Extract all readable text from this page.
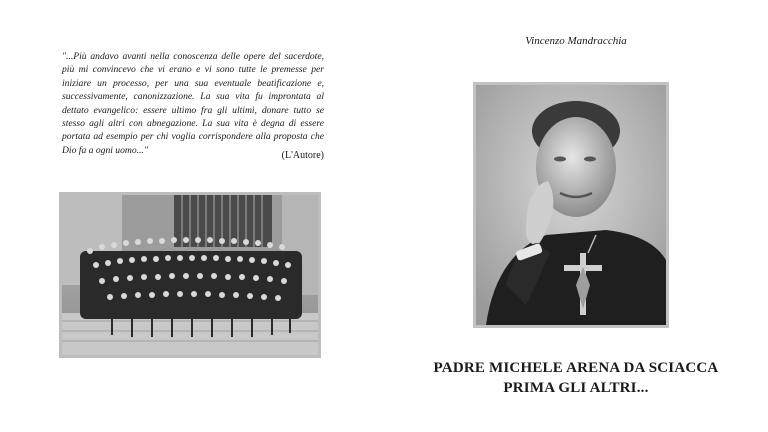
"...Più andavo avanti nella conoscenza delle opere del sacerdote, più mi convincevo che vi erano e vi sono tutte le premesse per iniziare un processo, per una sua eventuale beatificazione e, successivamente, canonizzazione. La sua vita fu improntata al dettato evangelico: essere ultimo fra gli ultimi, donare tutto se stesso agli altri con abnegazione. La sua vita è degna di essere portata ad esempio per chi voglia corrispondere alla proposta che Dio fa a ogni uomo..."	(L'Autore)

Vincenzo Mandracchia

PADRE MICHELE ARENA DA SCIACCA

PRIMA GLI ALTRI...
